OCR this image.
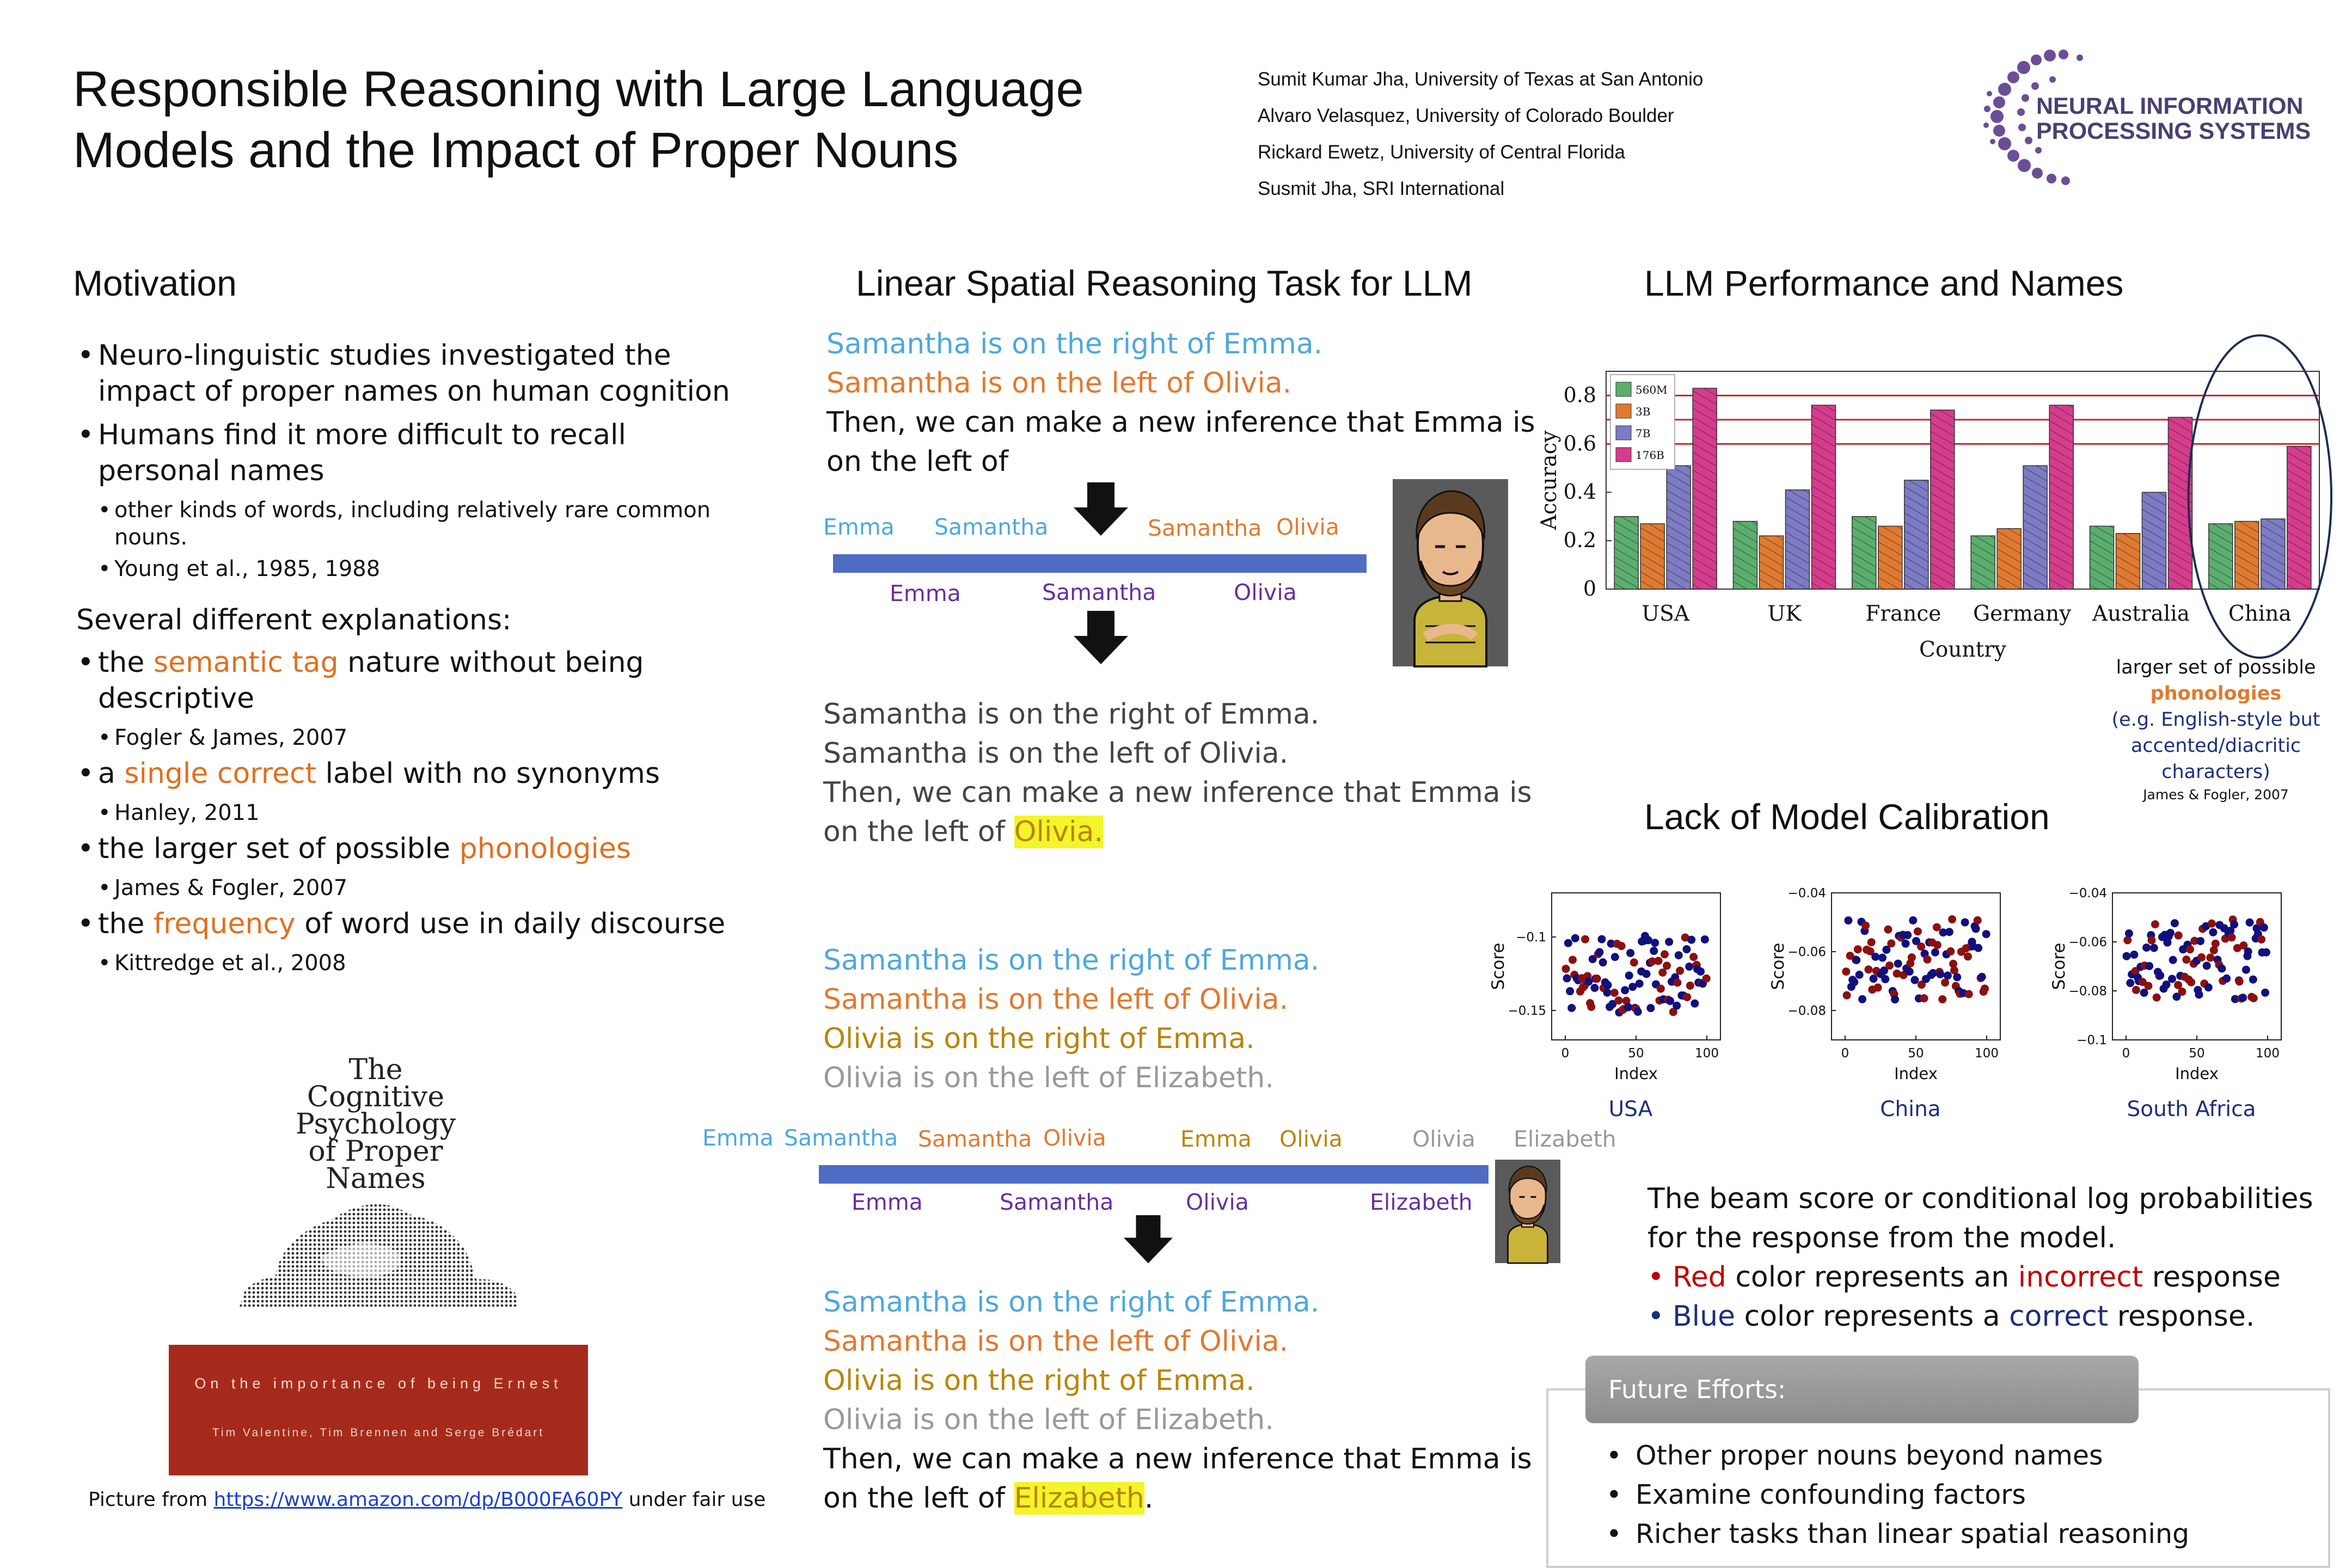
Responsible Reasoning with Large Language
Models and the Impact of Proper Nouns
Sumit Kumar Jha, University of Texas at San Antonio
Alvaro Velasquez, University of Colorado Boulder
Rickard Ewetz, University of Central Florida
Susmit Jha, SRI International
NEURAL INFORMATION
PROCESSING SYSTEMS
Motivation
• Neuro-linguistic studies investigated the impact of proper names on human cognition
• Humans find it more difficult to recall personal names
• other kinds of words, including relatively rare common nouns.
• Young et al., 1985, 1988
Several different explanations:
• the semantic tag nature without being descriptive
• Fogler & James, 2007
• a single correct label with no synonyms
• Hanley, 2011
• the larger set of possible phonologies
• James & Fogler, 2007
• the frequency of word use in daily discourse
• Kittredge et al., 2008
The
Cognitive
Psychology
of Proper
Names
On the importance of being Ernest
Tim Valentine, Tim Brennen and Serge Brédart
Picture from https://www.amazon.com/dp/B000FA60PY under fair use
Linear Spatial Reasoning Task for LLM
Samantha is on the right of Emma.
Samantha is on the left of Olivia.
Then, we can make a new inference that Emma is
on the left of
Emma Samantha	Samantha Olivia
Emma	Samantha	Olivia
Samantha is on the right of Emma.
Samantha is on the left of Olivia.
Then, we can make a new inference that Emma is
on the left of Olivia.
Samantha is on the right of Emma.
Samantha is on the left of Olivia.
Olivia is on the right of Emma.
Olivia is on the left of Elizabeth.
Emma Samantha Samantha Olivia	Emma Olivia	Olivia Elizabeth
Emma	Samantha	Olivia	Elizabeth
Samantha is on the right of Emma.
Samantha is on the left of Olivia.
Olivia is on the right of Emma.
Olivia is on the left of Elizabeth.
Then, we can make a new inference that Emma is
on the left of Elizabeth.
LLM Performance and Names
0
0.2
0.4
0.6
0.8
USA	UK	France Germany Australia China
Country
Accuracy
560M
3B
7B
176B
larger set of possible
phonologies
(e.g. English-style but
accented/diacritic characters)
James & Fogler, 2007
Lack of Model Calibration
−0.1
−0.15
0	50	100
Index
Score
USA
−0.04
−0.06
−0.08
0	50	100
Index
Score
China
−0.04
−0.06
−0.08
−0.1
0	50	100
Index
Score
South Africa
The beam score or conditional log probabilities
for the response from the model.
• Red color represents an incorrect response
• Blue color represents a correct response.
Future Efforts:
• Other proper nouns beyond names
• Examine confounding factors
• Richer tasks than linear spatial reasoning
